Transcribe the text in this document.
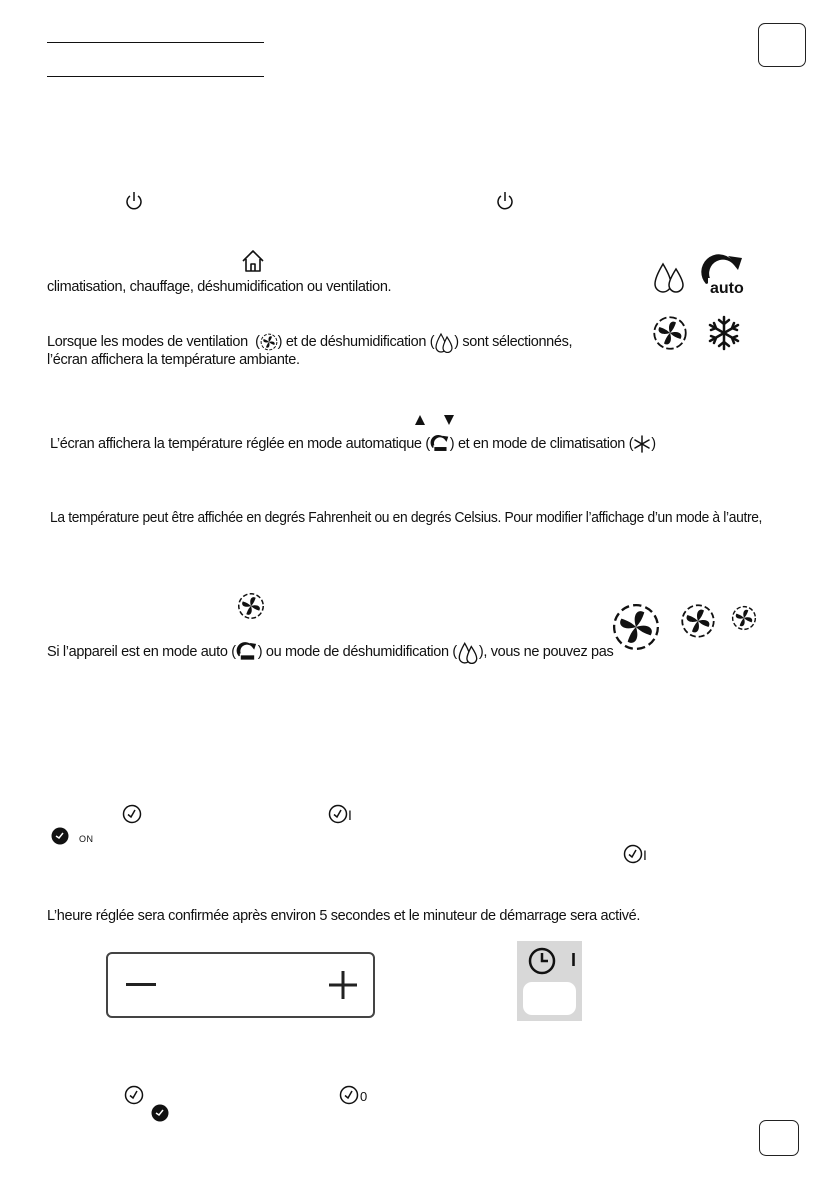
climatisation, chauffage, déshumidification ou ventilation.	auto
Lorsque les modes de ventilation  ( ) et de déshumidification ( ) sont sélectionnés,
l’écran affichera la température ambiante.
L’écran affichera la température réglée en mode automatique ( ) et en mode de climatisation ( )
La température peut être affichée en degrés Fahrenheit ou en degrés Celsius. Pour modifier l’affichage d’un mode à l’autre,
Si l’appareil est en mode auto ( ) ou mode de déshumidification ( ), vous ne pouvez pas
I
ON
I
L’heure réglée sera confirmée après environ 5 secondes et le minuteur de démarrage sera activé.
I
0
